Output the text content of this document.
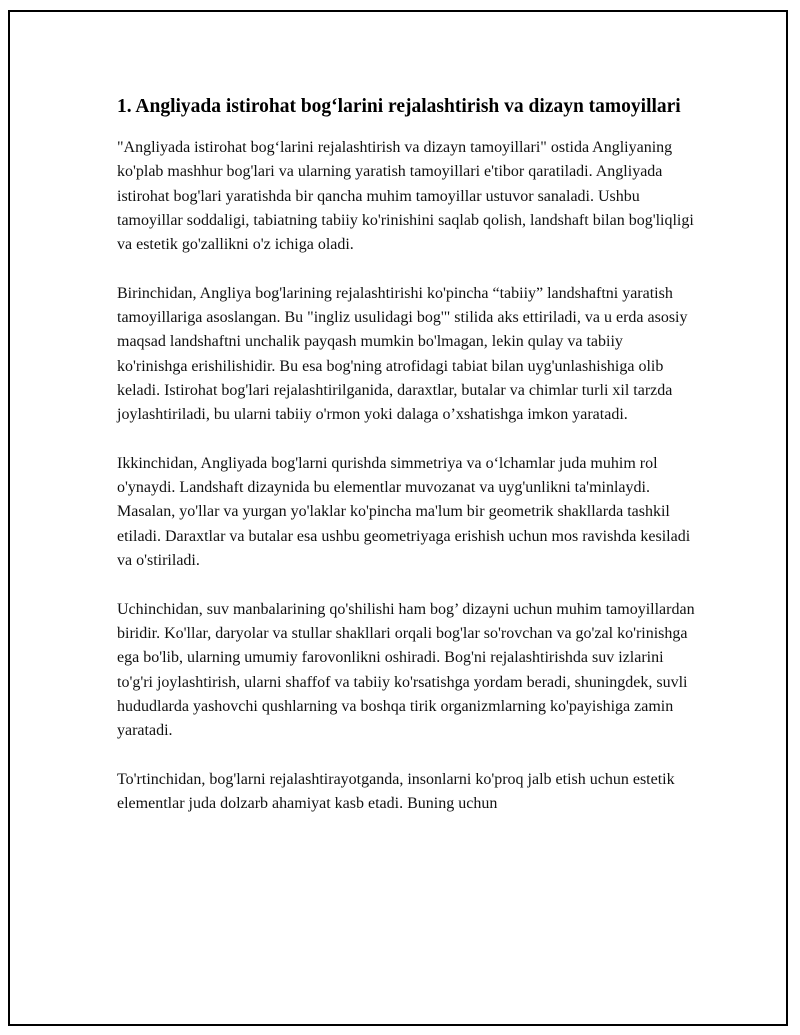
1. Angliyada istirohat bog‘larini rejalashtirish va dizayn tamoyillari

"Angliyada istirohat bog‘larini rejalashtirish va dizayn tamoyillari" ostida Angliyaning ko'plab mashhur bog'lari va ularning yaratish tamoyillari e'tibor qaratiladi. Angliyada istirohat bog'lari yaratishda bir qancha muhim tamoyillar ustuvor sanaladi. Ushbu tamoyillar soddaligi, tabiatning tabiiy ko'rinishini saqlab qolish, landshaft bilan bog'liqligi va estetik go'zallikni o'z ichiga oladi.

Birinchidan, Angliya bog'larining rejalashtirishi ko'pincha “tabiiy” landshaftni yaratish tamoyillariga asoslangan. Bu "ingliz usulidagi bog'" stilida aks ettiriladi, va u erda asosiy maqsad landshaftni unchalik payqash mumkin bo'lmagan, lekin qulay va tabiiy ko'rinishga erishilishidir. Bu esa bog'ning atrofidagi tabiat bilan uyg'unlashishiga olib keladi. Istirohat bog'lari rejalashtirilganida, daraxtlar, butalar va chimlar turli xil tarzda joylashtiriladi, bu ularni tabiiy o'rmon yoki dalaga o’xshatishga imkon yaratadi.

Ikkinchidan, Angliyada bog'larni qurishda simmetriya va o‘lchamlar juda muhim rol o'ynaydi. Landshaft dizaynida bu elementlar muvozanat va uyg'unlikni ta'minlaydi. Masalan, yo'llar va yurgan yo'laklar ko'pincha ma'lum bir geometrik shakllarda tashkil etiladi. Daraxtlar va butalar esa ushbu geometriyaga erishish uchun mos ravishda kesiladi va o'stiriladi.

Uchinchidan, suv manbalarining qo'shilishi ham bog’ dizayni uchun muhim tamoyillardan biridir. Ko'llar, daryolar va stullar shakllari orqali bog'lar so'rovchan va go'zal ko'rinishga ega bo'lib, ularning umumiy farovonlikni oshiradi. Bog'ni rejalashtirishda suv izlarini to'g'ri joylashtirish, ularni shaffof va tabiiy ko'rsatishga yordam beradi, shuningdek, suvli hududlarda yashovchi qushlarning va boshqa tirik organizmlarning ko'payishiga zamin yaratadi.

To'rtinchidan, bog'larni rejalashtirayotganda, insonlarni ko'proq jalb etish uchun estetik elementlar juda dolzarb ahamiyat kasb etadi. Buning uchun
